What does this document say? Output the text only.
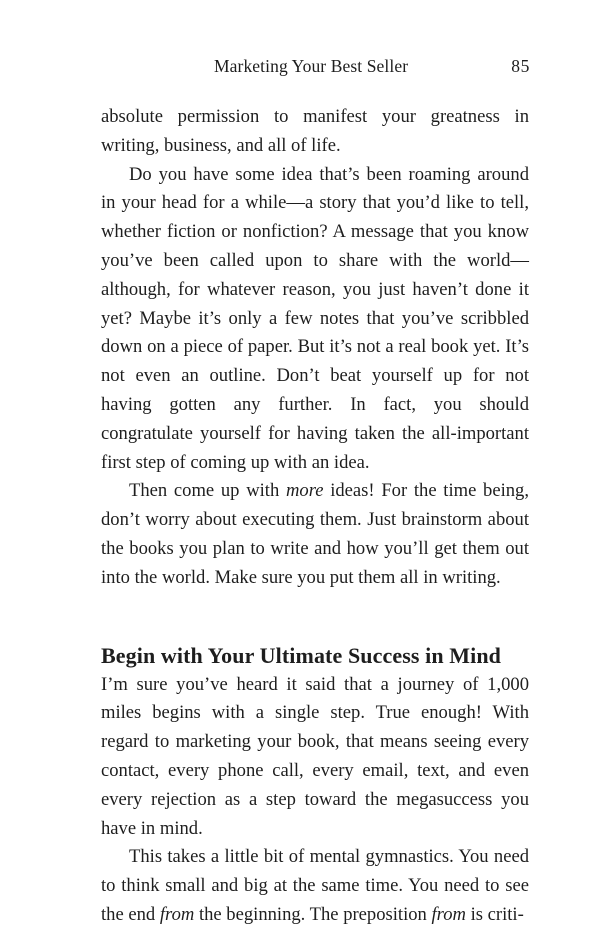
Marketing Your Best Seller	85

absolute permission to manifest your greatness in writing, business, and all of life.

Do you have some idea that’s been roaming around in your head for a while—a story that you’d like to tell, whether fiction or nonfiction? A message that you know you’ve been called upon to share with the world—although, for whatever reason, you just haven’t done it yet? Maybe it’s only a few notes that you’ve scribbled down on a piece of paper. But it’s not a real book yet. It’s not even an outline. Don’t beat yourself up for not having gotten any further. In fact, you should congratulate yourself for having taken the all-important first step of coming up with an idea.

Then come up with more ideas! For the time being, don’t worry about executing them. Just brainstorm about the books you plan to write and how you’ll get them out into the world. Make sure you put them all in writing.

Begin with Your Ultimate Success in Mind

I’m sure you’ve heard it said that a journey of 1,000 miles begins with a single step. True enough! With regard to marketing your book, that means seeing every contact, every phone call, every email, text, and even every rejection as a step toward the megasuccess you have in mind.

This takes a little bit of mental gymnastics. You need to think small and big at the same time. You need to see the end from the beginning. The preposition from is criti-
